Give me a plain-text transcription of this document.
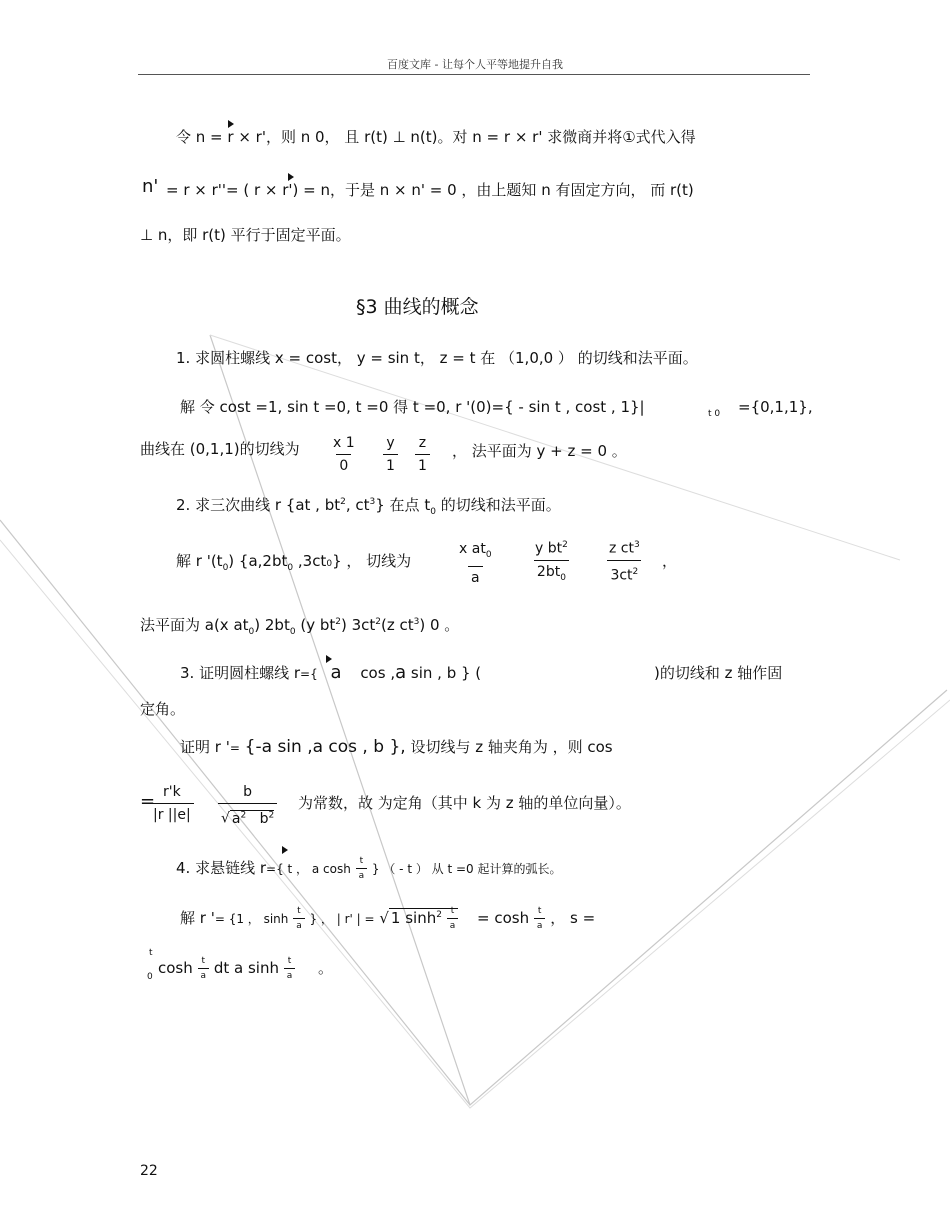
百度文库 - 让每个人平等地提升自我
令 n = r × r'，则 n 0， 且 r(t) ⊥ n(t)。对 n = r × r' 求微商并将①式代入得
n' = r × r''= ( r × r') = n，于是 n × n' = 0 ，由上题知 n 有固定方向， 而 r(t)
⊥ n，即 r(t) 平行于固定平面。
§3 曲线的概念
1. 求圆柱螺线 x = cost， y = sin t， z = t 在 （1,0,0 ） 的切线和法平面。
解 令 cost =1, sin t =0, t =0 得 t =0, r '(0)={ - sin t , cost , 1}|	t 0 ={0,1,1},
曲线在 (0,1,1)的切线为 $\frac{x 1}{0} \frac{y}{1} \frac{z}{1}$ ， 法平面为 y + z = 0 。
2. 求三次曲线 r {at , $bt^2$, $ct^3$} 在点 $t_0$ 的切线和法平面。
解 r '$(t_0)$ {$a,2bt_0$ ,3ct0} ， 切线为	$\frac{x at_0}{a}$	$\frac{y bt^2}{2bt_0}$	$\frac{z ct^3}{3ct^2}$ ，
法平面为 a(x $at_0$) $2bt_0$ (y $bt^2$) $3ct^2(z$ $ct^3$) 0 。
3. 证明圆柱螺线 r={ a cos ,a sin , b } (	)的切线和 z 轴作固
定角。
证明 r '= {-a sin ,a cos , b }, 设切线与 z 轴夹角为 ，则 cos
=
$\frac{r'k}{|r ||e|} \frac{b}{√ a^2 b^2}$ 为常数，故 为定角（其中 k 为 z 轴的单位向量）。
4. 求悬链线 r={ t ， a $\cosh \frac{t}{a}$ } （ - t ） 从 t =0 起计算的弧长。
解 r '= {1 ， $\sinh \frac{t}{a}$ } ， | r' | = √ 1 $\sinh^2 \frac{t}{a} = \cosh \frac{t}{a}$ ， s =
t
0 $\cosh \frac{t}{a}$ dt a $\sinh \frac{t}{a}$ 。
22
